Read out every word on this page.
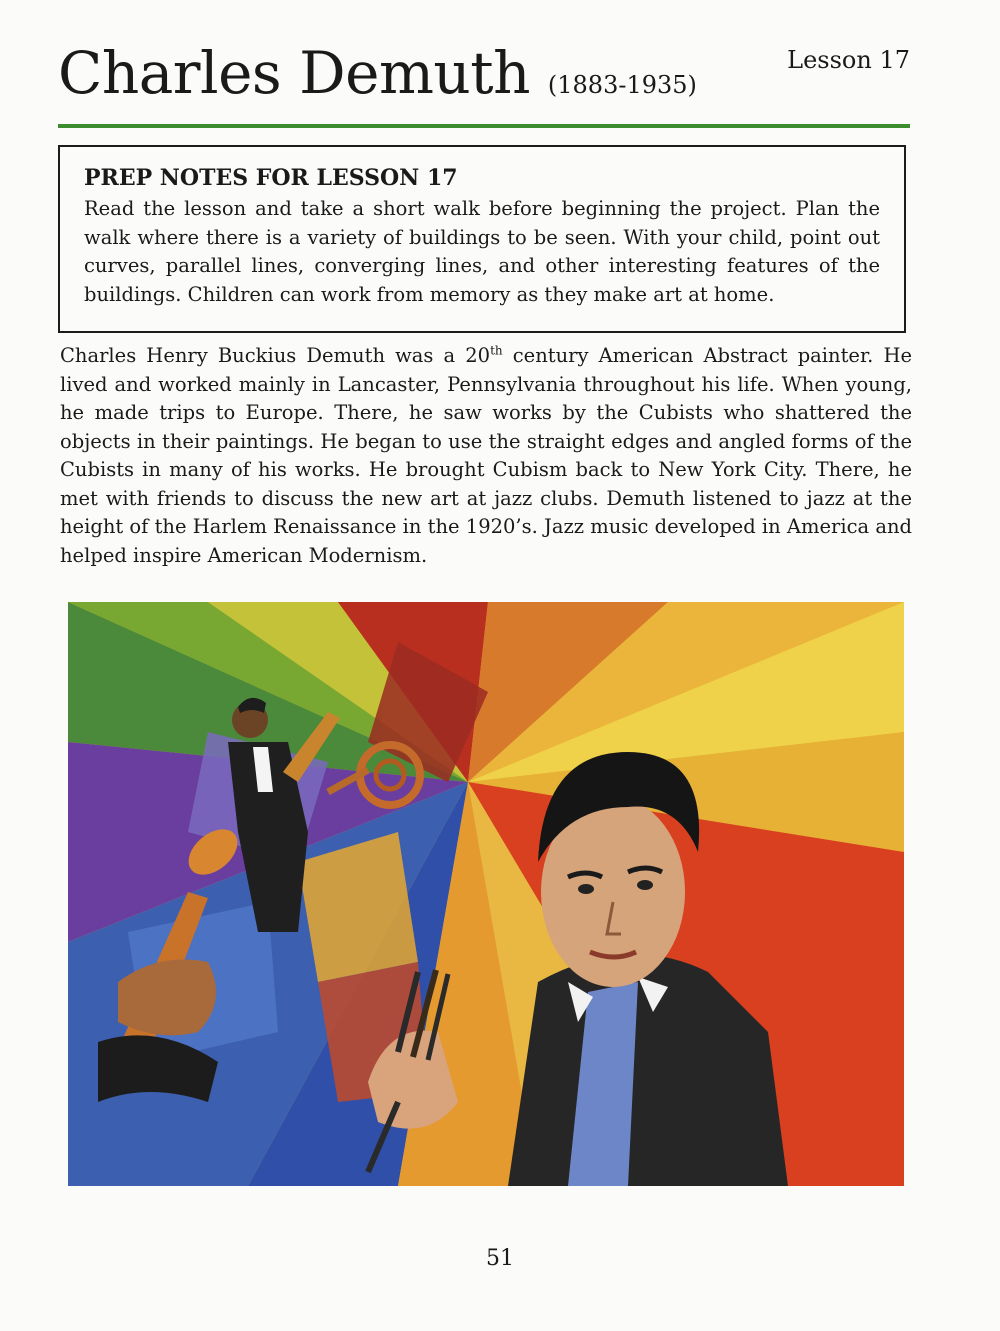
Charles Demuth (1883-1935)
Lesson 17

PREP NOTES FOR LESSON 17

Read the lesson and take a short walk before beginning the project. Plan the walk where there is a variety of buildings to be seen. With your child, point out curves, parallel lines, converging lines, and other interesting features of the buildings. Children can work from memory as they make art at home.

Charles Henry Buckius Demuth was a 20th century American Abstract painter. He lived and worked mainly in Lancaster, Pennsylvania throughout his life. When young, he made trips to Europe. There, he saw works by the Cubists who shattered the objects in their paintings. He began to use the straight edges and angled forms of the Cubists in many of his works. He brought Cubism back to New York City. There, he met with friends to discuss the new art at jazz clubs. Demuth listened to jazz at the height of the Harlem Renaissance in the 1920’s. Jazz music developed in America and helped inspire American Modernism.

51
